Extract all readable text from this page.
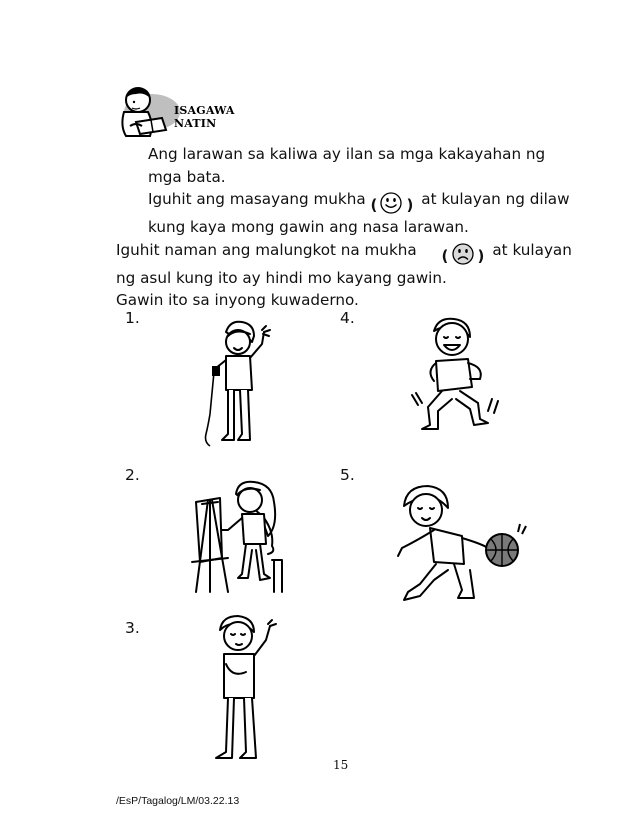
ISAGAWA NATIN

Ang larawan sa kaliwa ay ilan sa mga kakayahan ng mga bata.

Iguhit ang masayang mukha ( ) at kulayan ng dilaw kung kaya mong gawin ang nasa larawan.

Iguhit naman ang malungkot na mukha ( ) at kulayan ng asul kung ito ay hindi mo kayang gawin.

Gawin ito sa inyong kuwaderno.

1.
2.
3.
4.
5.
15
/EsP/Tagalog/LM/03.22.13
